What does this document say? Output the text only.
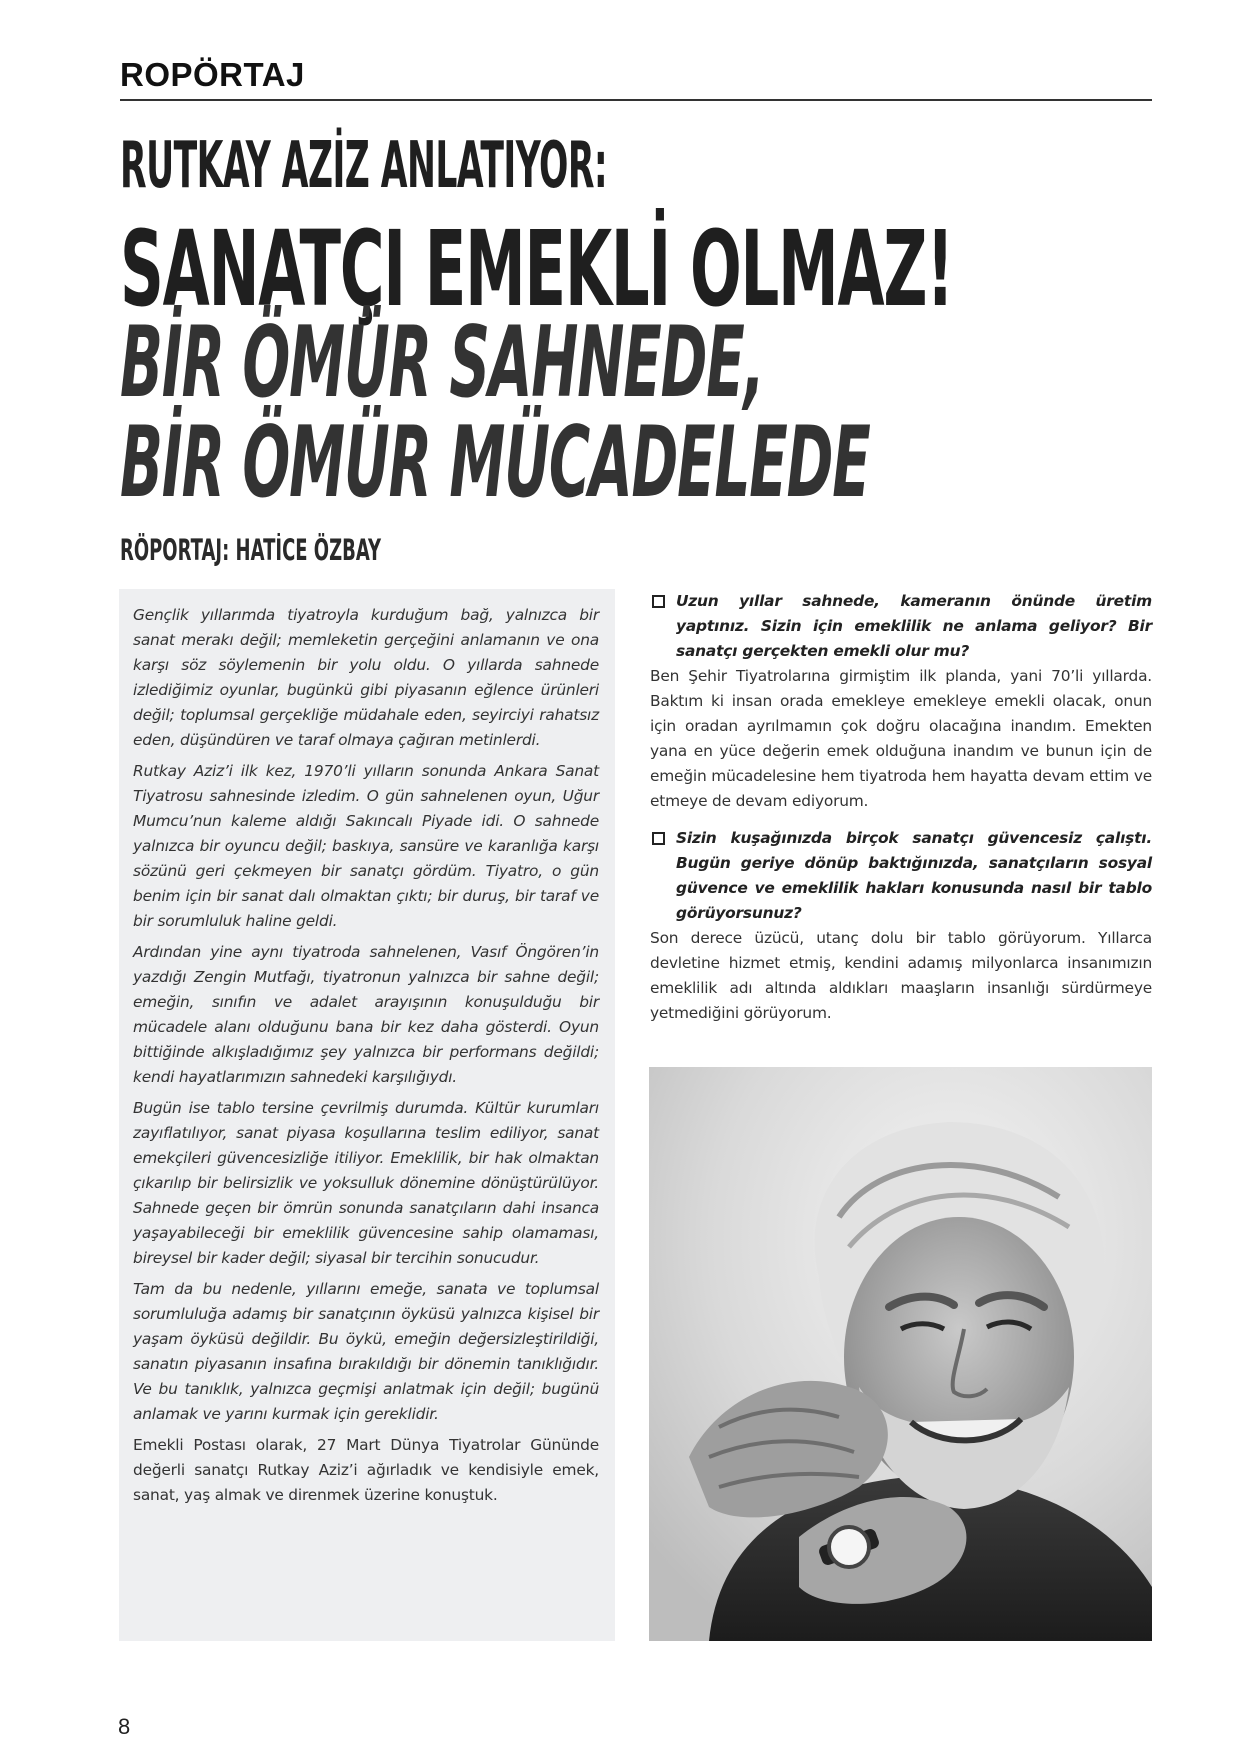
ROPÖRTAJ
RUTKAY AZİZ ANLATIYOR:
SANATÇI EMEKLİ OLMAZ!
BİR ÖMÜR SAHNEDE,
BİR ÖMÜR MÜCADELEDE
RÖPORTAJ: HATİCE ÖZBAY

Gençlik yıllarımda tiyatroyla kurduğum bağ, yalnızca bir sanat merakı değil; memleketin gerçeğini anlamanın ve ona karşı söz söylemenin bir yolu oldu. O yıllarda sahnede izlediğimiz oyunlar, bugünkü gibi piyasanın eğlence ürünleri değil; toplumsal gerçekliğe müdahale eden, seyirciyi rahatsız eden, düşündüren ve taraf olmaya çağıran metinlerdi.

Rutkay Aziz’i ilk kez, 1970’li yılların sonunda Ankara Sanat Tiyatrosu sahnesinde izledim. O gün sahnelenen oyun, Uğur Mumcu’nun kaleme aldığı Sakıncalı Piyade idi. O sahnede yalnızca bir oyuncu değil; baskıya, sansüre ve karanlığa karşı sözünü geri çekmeyen bir sanatçı gördüm. Tiyatro, o gün benim için bir sanat dalı olmaktan çıktı; bir duruş, bir taraf ve bir sorumluluk haline geldi.

Ardından yine aynı tiyatroda sahnelenen, Vasıf Öngören’in yazdığı Zengin Mutfağı, tiyatronun yalnızca bir sahne değil; emeğin, sınıfın ve adalet arayışının konuşulduğu bir mücadele alanı olduğunu bana bir kez daha gösterdi. Oyun bittiğinde alkışladığımız şey yalnızca bir performans değildi; kendi hayatlarımızın sahnedeki karşılığıydı.

Bugün ise tablo tersine çevrilmiş durumda. Kültür kurumları zayıflatılıyor, sanat piyasa koşullarına teslim ediliyor, sanat emekçileri güvencesizliğe itiliyor. Emeklilik, bir hak olmaktan çıkarılıp bir belirsizlik ve yoksulluk dönemine dönüştürülüyor. Sahnede geçen bir ömrün sonunda sanatçıların dahi insanca yaşayabileceği bir emeklilik güvencesine sahip olamaması, bireysel bir kader değil; siyasal bir tercihin sonucudur.

Tam da bu nedenle, yıllarını emeğe, sanata ve toplumsal sorumluluğa adamış bir sanatçının öyküsü yalnızca kişisel bir yaşam öyküsü değildir. Bu öykü, emeğin değersizleştirildiği, sanatın piyasanın insafına bırakıldığı bir dönemin tanıklığıdır. Ve bu tanıklık, yalnızca geçmişi anlatmak için değil; bugünü anlamak ve yarını kurmak için gereklidir.

Emekli Postası olarak, 27 Mart Dünya Tiyatrolar Gününde değerli sanatçı Rutkay Aziz’i ağırladık ve kendisiyle emek, sanat, yaş almak ve direnmek üzerine konuştuk.

Uzun yıllar sahnede, kameranın önünde üretim yaptınız. Sizin için emeklilik ne anlama geliyor? Bir sanatçı gerçekten emekli olur mu?
Ben Şehir Tiyatrolarına girmiştim ilk planda, yani 70’li yıllarda. Baktım ki insan orada emekleye emekleye emekli olacak, onun için oradan ayrılmamın çok doğru olacağına inandım. Emekten yana en yüce değerin emek olduğuna inandım ve bunun için de emeğin mücadelesine hem tiyatroda hem hayatta devam ettim ve etmeye de devam ediyorum.
Sizin kuşağınızda birçok sanatçı güvencesiz çalıştı. Bugün geriye dönüp baktığınızda, sanatçıların sosyal güvence ve emeklilik hakları konusunda nasıl bir tablo görüyorsunuz?
Son derece üzücü, utanç dolu bir tablo görüyorum. Yıllarca devletine hizmet etmiş, kendini adamış milyonlarca insanımızın emeklilik adı altında aldıkları maaşların insanlığı sürdürmeye yetmediğini görüyorum.
8
